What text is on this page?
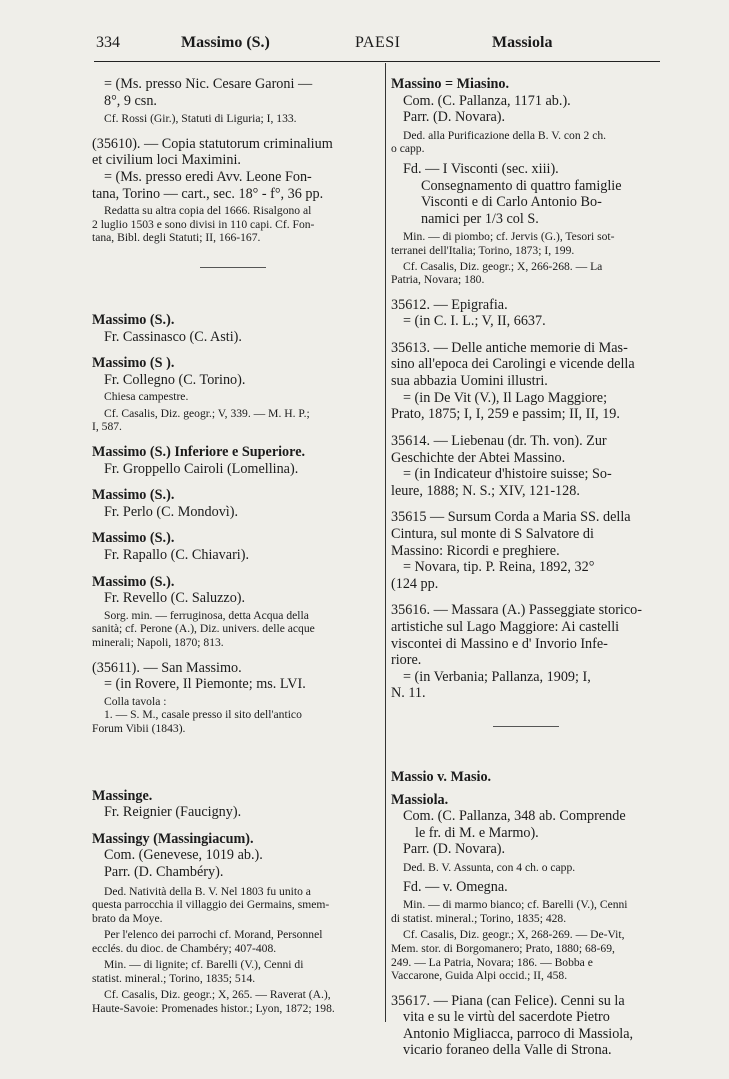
334	Massimo (S.)	PAESI	Massiola

= (Ms. presso Nic. Cesare Garoni —

8°, 9 csn.

Cf. Rossi (Gir.), Statuti di Liguria; I, 133.

(35610). — Copia statutorum criminalium

et civilium loci Maximini.

= (Ms. presso eredi Avv. Leone Fon-

tana, Torino — cart., sec. 18° - f°, 36 pp.

Redatta su altra copia del 1666. Risalgono al

2 luglio 1503 e sono divisi in 110 capi. Cf. Fon-

tana, Bibl. degli Statuti; II, 166-167.

Massimo (S.).

Fr. Cassinasco (C. Asti).

Massimo (S ).

Fr. Collegno (C. Torino).

Chiesa campestre.

Cf. Casalis, Diz. geogr.; V, 339. — M. H. P.;

I, 587.

Massimo (S.) Inferiore e Superiore.

Fr. Groppello Cairoli (Lomellina).

Massimo (S.).

Fr. Perlo (C. Mondovì).

Massimo (S.).

Fr. Rapallo (C. Chiavari).

Massimo (S.).

Fr. Revello (C. Saluzzo).

Sorg. min. — ferruginosa, detta Acqua della

sanità; cf. Perone (A.), Diz. univers. delle acque

minerali; Napoli, 1870; 813.

(35611). — San Massimo.

= (in Rovere, Il Piemonte; ms. LVI.

Colla tavola :

1. — S. M., casale presso il sito dell'antico

Forum Vibii (1843).

Massinge.

Fr. Reignier (Faucigny).

Massingy (Massingiacum).

Com. (Genevese, 1019 ab.).

Parr. (D. Chambéry).

Ded. Natività della B. V. Nel 1803 fu unito a

questa parrocchia il villaggio dei Germains, smem-

brato da Moye.

Per l'elenco dei parrochi cf. Morand, Personnel

ecclés. du dioc. de Chambéry; 407-408.

Min. — di lignite; cf. Barelli (V.), Cenni di

statist. mineral.; Torino, 1835; 514.

Cf. Casalis, Diz. geogr.; X, 265. — Raverat (A.),

Haute-Savoie: Promenades histor.; Lyon, 1872; 198.

Massino = Miasino.

Com. (C. Pallanza, 1171 ab.).

Parr. (D. Novara).

Ded. alla Purificazione della B. V. con 2 ch.

o capp.

Fd. — I Visconti (sec. xiii).

Consegnamento di quattro famiglie

Visconti e di Carlo Antonio Bo-

namici per 1/3 col S.

Min. — di piombo; cf. Jervis (G.), Tesori sot-

terranei dell'Italia; Torino, 1873; I, 199.

Cf. Casalis, Diz. geogr.; X, 266-268. — La

Patria, Novara; 180.

35612. — Epigrafia.

= (in C. I. L.; V, II, 6637.

35613. — Delle antiche memorie di Mas-

sino all'epoca dei Carolingi e vicende della

sua abbazia Uomini illustri.

= (in De Vit (V.), Il Lago Maggiore;

Prato, 1875; I, I, 259 e passim; II, II, 19.

35614. — Liebenau (dr. Th. von). Zur

Geschichte der Abtei Massino.

= (in Indicateur d'histoire suisse; So-

leure, 1888; N. S.; XIV, 121-128.

35615 — Sursum Corda a Maria SS. della

Cintura, sul monte di S Salvatore di

Massino: Ricordi e preghiere.

= Novara, tip. P. Reina, 1892, 32°

(124 pp.

35616. — Massara (A.) Passeggiate storico-

artistiche sul Lago Maggiore: Ai castelli

viscontei di Massino e d' Invorio Infe-

riore.

= (in Verbania; Pallanza, 1909; I,

N. 11.

Massio v. Masio.

Massiola.

Com. (C. Pallanza, 348 ab. Comprende

le fr. di M. e Marmo).

Parr. (D. Novara).

Ded. B. V. Assunta, con 4 ch. o capp.

Fd. — v. Omegna.

Min. — di marmo bianco; cf. Barelli (V.), Cenni

di statist. mineral.; Torino, 1835; 428.

Cf. Casalis, Diz. geogr.; X, 268-269. — De-Vit,

Mem. stor. di Borgomanero; Prato, 1880; 68-69,

249. — La Patria, Novara; 186. — Bobba e

Vaccarone, Guida Alpi occid.; II, 458.

35617. — Piana (can Felice). Cenni su la

vita e su le virtù del sacerdote Pietro

Antonio Migliacca, parroco di Massiola,

vicario foraneo della Valle di Strona.
